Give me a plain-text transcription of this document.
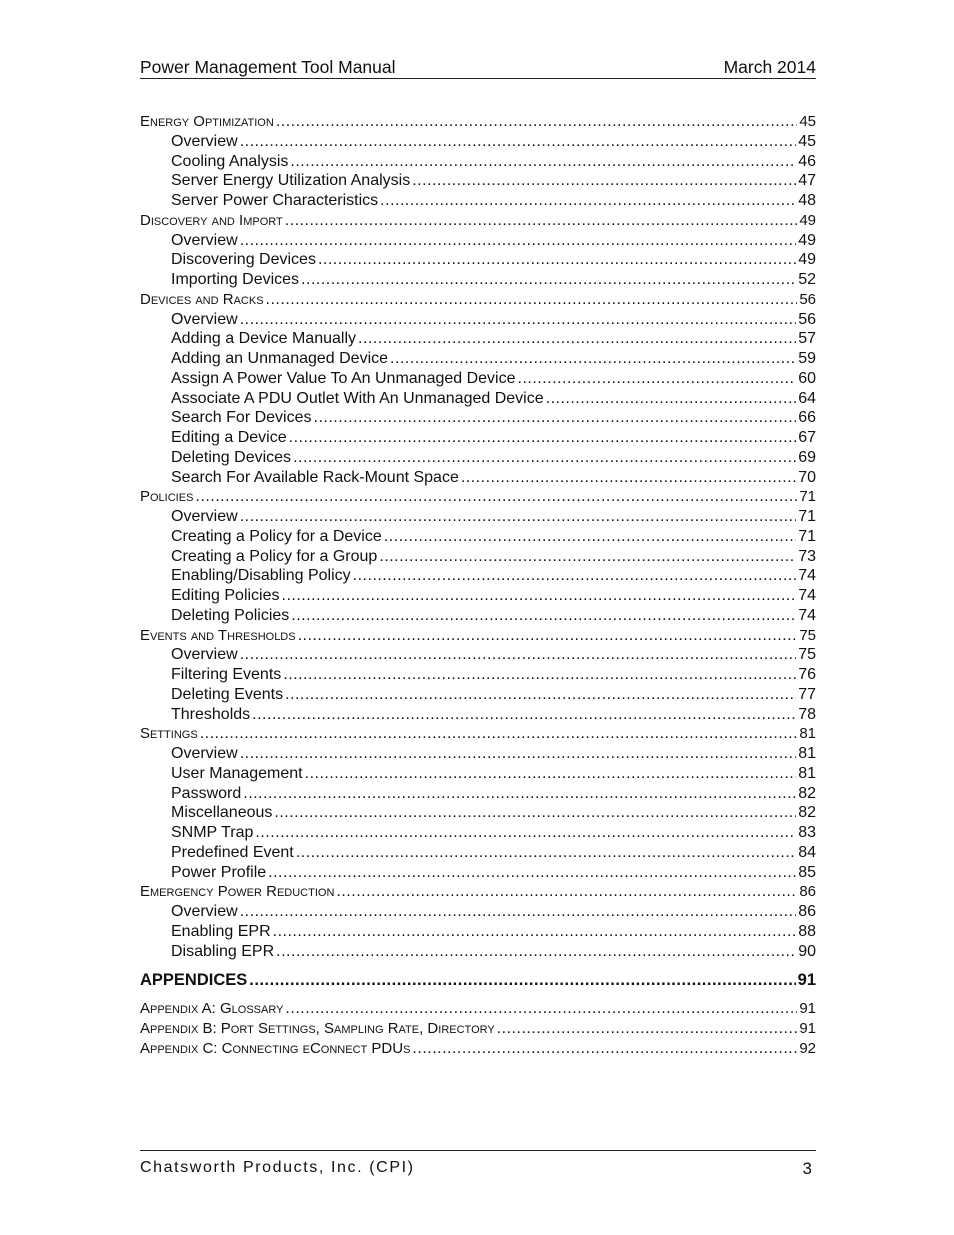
Power Management Tool Manual	March 2014
Energy Optimization .....	45
Overview .....	45
Cooling Analysis .....	46
Server Energy Utilization Analysis .....	47
Server Power Characteristics .....	48
Discovery and Import .....	49
Overview .....	49
Discovering Devices .....	49
Importing Devices .....	52
Devices and Racks .....	56
Overview .....	56
Adding a Device Manually .....	57
Adding an Unmanaged Device .....	59
Assign A Power Value To An Unmanaged Device .....	60
Associate A PDU Outlet With An Unmanaged Device .....	64
Search For Devices .....	66
Editing a Device .....	67
Deleting Devices .....	69
Search For Available Rack-Mount Space .....	70
Policies .....	71
Overview .....	71
Creating a Policy for a Device .....	71
Creating a Policy for a Group .....	73
Enabling/Disabling Policy .....	74
Editing Policies .....	74
Deleting Policies .....	74
Events and Thresholds .....	75
Overview .....	75
Filtering Events .....	76
Deleting Events .....	77
Thresholds .....	78
Settings .....	81
Overview .....	81
User Management .....	81
Password .....	82
Miscellaneous .....	82
SNMP Trap .....	83
Predefined Event .....	84
Power Profile .....	85
Emergency Power Reduction .....	86
Overview .....	86
Enabling EPR .....	88
Disabling EPR .....	90
APPENDICES .....	91
Appendix A: Glossary .....	91
Appendix B: Port Settings, Sampling Rate, Directory .....	91
Appendix C: Connecting eConnect PDUs .....	92
Chatsworth Products, Inc. (CPI)	3
